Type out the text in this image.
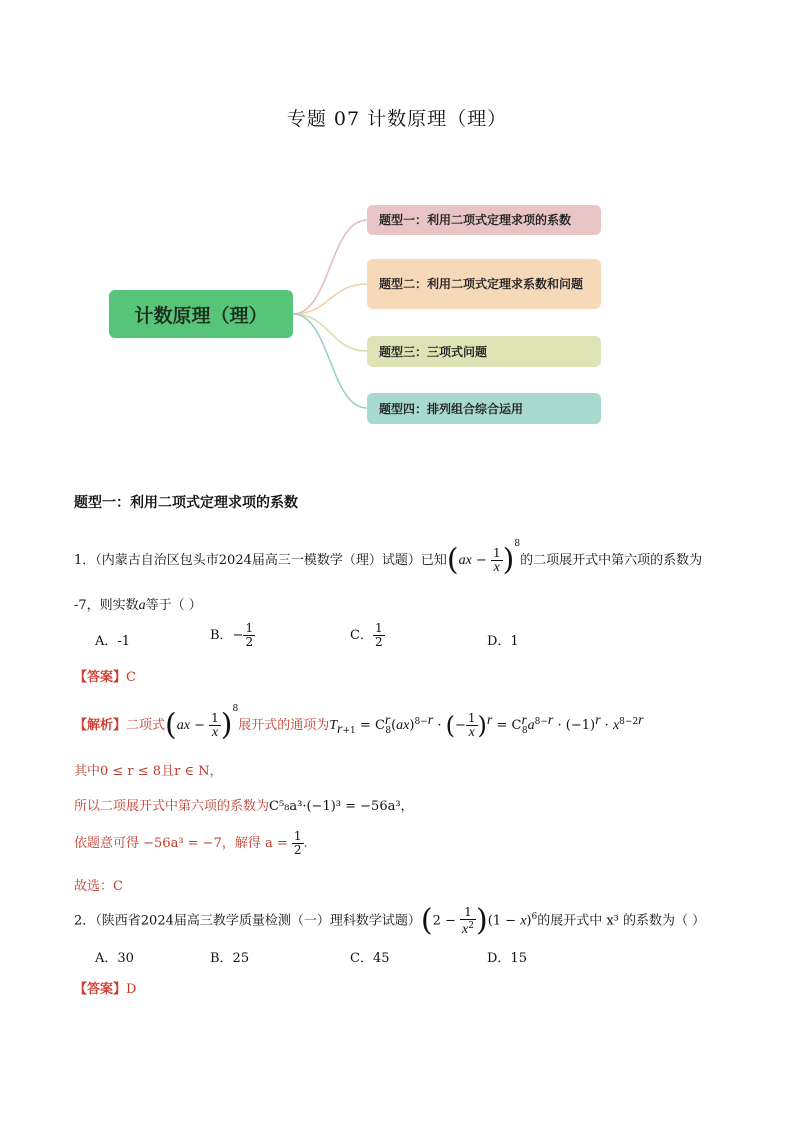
专题 07 计数原理（理）
计数原理（理）
题型一：利用二项式定理求项的系数
题型二：利用二项式定理求系数和问题
题型三：三项式问题
题型四：排列组合综合运用
题型一：利用二项式定理求项的系数
1．（内蒙古自治区包头市2024届高三一模数学（理）试题）已知$(ax - \frac{1}{x} )^8$的二项展开式中第六项的系数为
-7，则实数a等于（ ）
A．-1	B．− $\frac{1}{2}$	C． $\frac{1}{2}$	D．1
【答案】C
【解析】二项式$(ax - \frac{1}{x} )^8$展开式的通项为$T_{r+1} = C^r_8(ax)^{8-r}$ · (− $\frac{1}{x} )^r = C^r_8a^{8-r} \cdot (-1)^r \cdot x^{8-2r}$
其中0 ≤ r ≤ 8且r ∈ N，
所以二项展开式中第六项的系数为C⁵₈a³·(−1)³ = −56a³，
依题意可得 −56a³ = −7，解得 $a = \frac{1}{2}$ .
故选：C
2．（陕西省2024届高三教学质量检测（一）理科数学试题）$(2 - \frac{1}{x^2} )(1 - x)^6$的展开式中 x³ 的系数为（ ）
A．30	B．25	C．45	D．15
【答案】D
